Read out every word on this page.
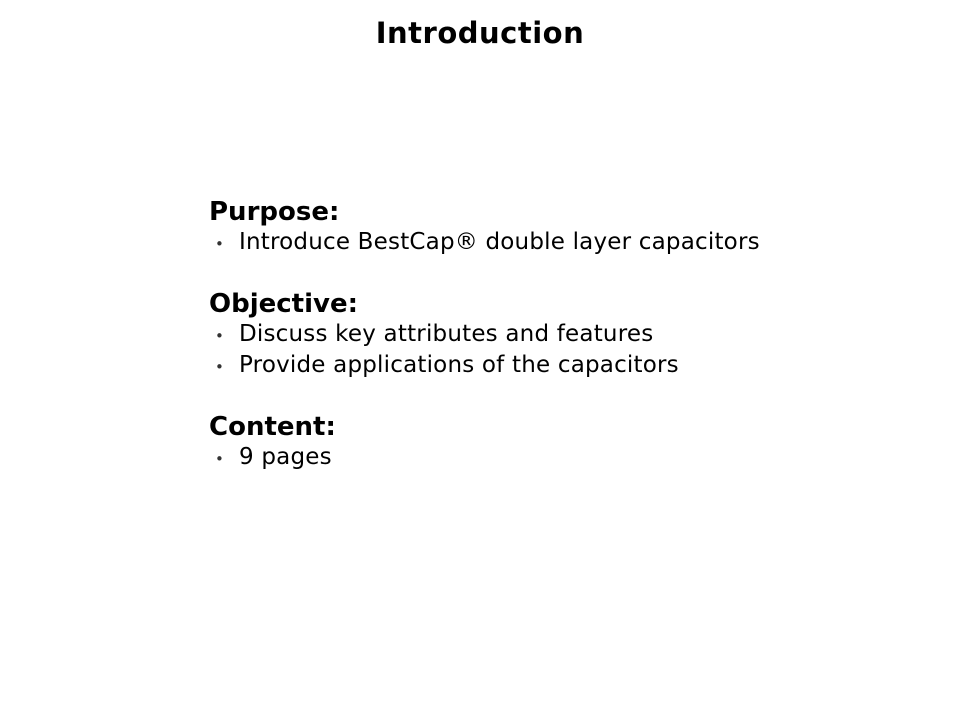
Introduction
Purpose:
• Introduce BestCap® double layer capacitors
Objective:
• Discuss key attributes and features
• Provide applications of the capacitors
Content:
• 9 pages
